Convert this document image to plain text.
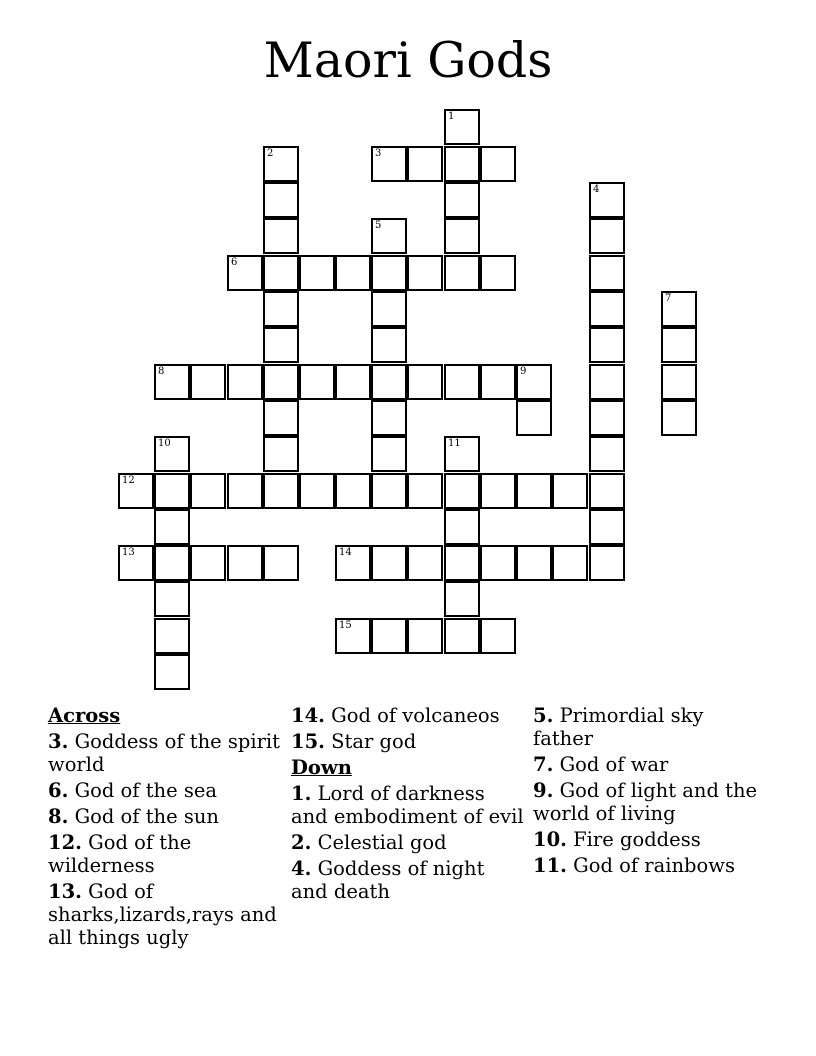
Maori Gods
1
2	3
4
5
6
7
8	9
10	11
12
13	14
15
Across
3. Goddess of the spirit world
6. God of the sea
8. God of the sun
12. God of the wilderness
13. God of sharks,lizards,rays and all things ugly
14. God of volcaneos
15. Star god
Down
1. Lord of darkness and embodiment of evil
2. Celestial god
4. Goddess of night and death
5. Primordial sky father
7. God of war
9. God of light and the world of living
10. Fire goddess
11. God of rainbows
